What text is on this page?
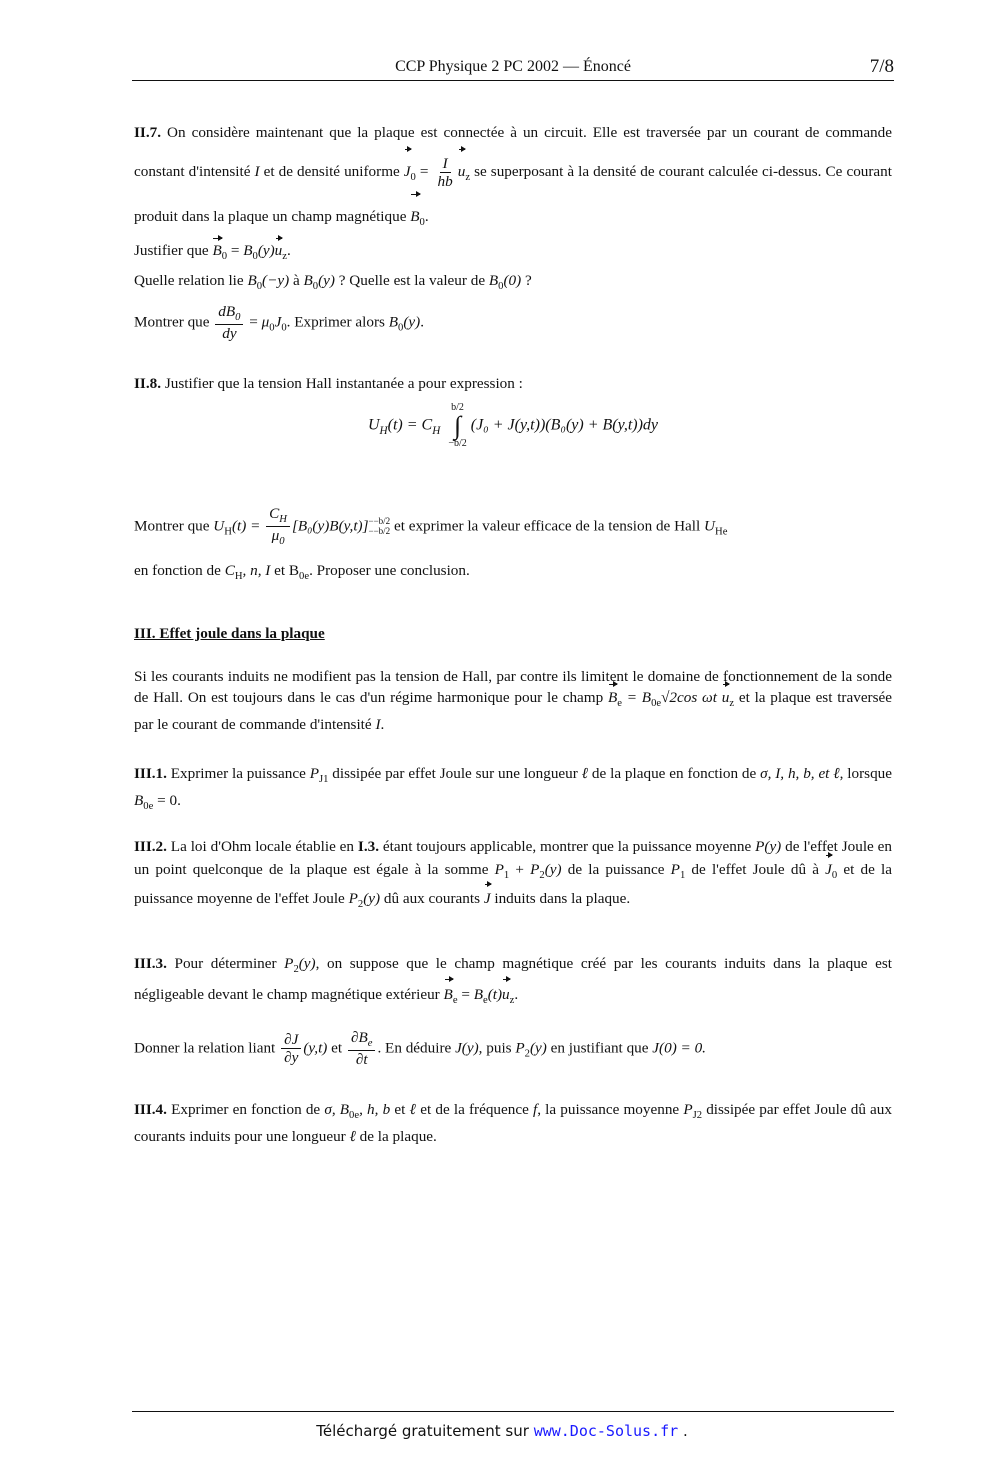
CCP Physique 2 PC 2002 — Énoncé	7/8

II.7. On considère maintenant que la plaque est connectée à un circuit. Elle est traversée par un courant de commande constant d'intensité I et de densité uniforme $J_0 = \frac{I}{hb} u_z$ se superposant à la densité de courant calculée ci-dessus. Ce courant produit dans la plaque un champ magnétique $B_0$.

Justifier que $B_0 = B_0(y)u_z$.

Quelle relation lie $B_0(-y)$ à $B_0(y)$ ? Quelle est la valeur de $B_0(0)$ ?

Montrer que $\frac{dB_0}{dy} = \mu_0J_0$. Exprimer alors $B_0(y)$.

II.8. Justifier que la tension Hall instantanée a pour expression :

$U_H(t) = C_H$
b/2
∫
−b/2
(J₀ + J(y,t))(B₀(y) + B(y,t))dy

Montrer que $U_H(t) = \frac{C_H}{\mu_0} [B_0(y)B(y,t)] --b/2$
−−b/2 et exprimer la valeur efficace de la tension de Hall $U_{He}$

en fonction de $C_H$, n, I et $B_{0e}$. Proposer une conclusion.

III. Effet joule dans la plaque

Si les courants induits ne modifient pas la tension de Hall, par contre ils limitent le domaine de fonctionnement de la sonde de Hall. On est toujours dans le cas d'un régime harmonique pour le champ $B_e = B_{0e}√2\cos$ ωt $u_z$ et la plaque est traversée par le courant de commande d'intensité I.

III.1. Exprimer la puissance $P_{J1}$ dissipée par effet Joule sur une longueur ℓ de la plaque en fonction de σ, I, h, b, et ℓ, lorsque $B_{0e} = 0$.

III.2. La loi d'Ohm locale établie en I.3. étant toujours applicable, montrer que la puissance moyenne P(y) de l'effet Joule en un point quelconque de la plaque est égale à la somme $P_1 + P_2(y)$ de la puissance $P_1$ de l'effet Joule dû à $J_0$ et de la puissance moyenne de l'effet Joule $P_2(y)$ dû aux courants J induits dans la plaque.

III.3. Pour déterminer $P_2(y)$, on suppose que le champ magnétique créé par les courants induits dans la plaque est négligeable devant le champ magnétique extérieur $B_e = B_e(t)u_z$.

Donner la relation liant $\frac{\partial J}{\partial y} (y,t)$ et $\frac{\partial B_e}{\partial t}$ . En déduire J(y), puis $P_2(y)$ en justifiant que J(0) = 0.

III.4. Exprimer en fonction de σ, $B_{0e}$, h, b et ℓ et de la fréquence f, la puissance moyenne $P_{J2}$ dissipée par effet Joule dû aux courants induits pour une longueur ℓ de la plaque.

Téléchargé gratuitement sur www.Doc-Solus.fr .
